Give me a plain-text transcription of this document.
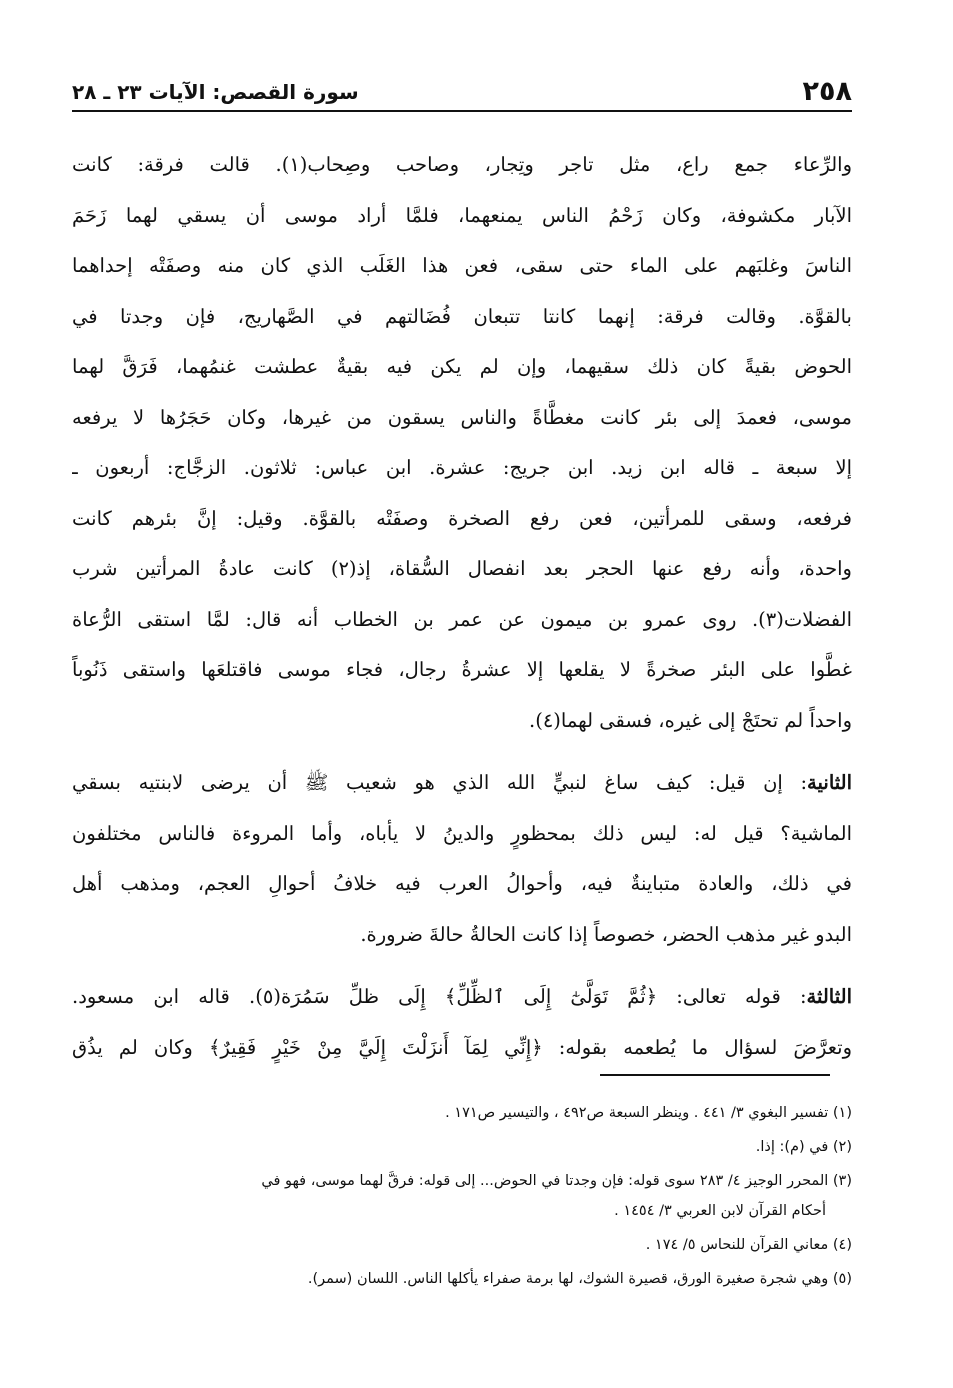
٢٥٨
سورة القصص: الآيات ٢٣ ـ ٢٨
والرِّعاء جمع راع، مثل تاجر وتِجار، وصاحب وصِحاب(١). قالت فرقة: كانت
الآبار مكشوفة، وكان زَحْمُ الناس يمنعهما، فلمَّا أراد موسى أن يسقي لهما زَحَمَ
الناسَ وغلبَهم على الماء حتى سقى، فعن هذا الغَلَب الذي كان منه وصفَتْه إحداهما
بالقوَّة. وقالت فرقة: إنهما كانتا تتبعان فُضَالتهم في الصَّهاريج، فإن وجدتا في
الحوض بقيةً كان ذلك سقيهما، وإن لم يكن فيه بقيةٌ عطشت غنمُهما، فَرَقَّ لهما
موسى، فعمدَ إلى بئر كانت مغطَّاةً والناس يسقون من غيرها، وكان حَجَرُها لا يرفعه
إلا سبعة ـ قاله ابن زيد. ابن جريج: عشرة. ابن عباس: ثلاثون. الزجَّاج: أربعون ـ
فرفعه، وسقى للمرأتين، فعن رفع الصخرة وصفَتْه بالقوَّة. وقيل: إنَّ بئرهم كانت
واحدة، وأنه رفع عنها الحجر بعد انفصال السُّقاة، إذ(٢) كانت عادةُ المرأتين شرب
الفضلات(٣). روى عمرو بن ميمون عن عمر بن الخطاب أنه قال: لمَّا استقى الرُّعاة
غطَّوا على البئر صخرةً لا يقلعها إلا عشرةُ رجال، فجاء موسى فاقتلعَها واستقى ذَنُوباً
واحداً لم تحتَجْ إلى غيره، فسقى لهما(٤).
الثانية: إن قيل: كيف ساغ لنبيٍّ الله الذي هو شعيب ﷺ أن يرضى لابنتيه بسقي
الماشية؟ قيل له: ليس ذلك بمحظورٍ والدينُ لا يأباه، وأما المروءة فالناس مختلفون
في ذلك، والعادة متباينةٌ فيه، وأحوالُ العرب فيه خلافُ أحوالِ العجم، ومذهب أهل
البدو غير مذهب الحضر، خصوصاً إذا كانت الحالةُ حالةَ ضرورة.
الثالثة: قوله تعالى: ﴿ثُمَّ تَوَلَّىٰٓ إِلَى ٱلظِّلِّ﴾ إِلَى ظلِّ سَمُرَة(٥). قاله ابن مسعود.
وتعرَّضَ لسؤال ما يُطعمه بقوله: ﴿إِنِّي لِمَآ أَنزَلْتَ إِلَيَّ مِنْ خَيْرٍ فَقِيرٌ﴾ وكان لم يذُق
(١) تفسير البغوي ٣/ ٤٤١ . وينظر السبعة ص٤٩٢ ، والتيسير ص١٧١ .
(٢) في (م): إذا.
(٣) المحرر الوجيز ٤/ ٢٨٣ سوى قوله: فإن وجدتا في الحوض... إلى قوله: فرقَّ لهما موسى، فهو في
أحكام القرآن لابن العربي ٣/ ١٤٥٤ .
(٤) معاني القرآن للنحاس ٥/ ١٧٤ .
(٥) وهي شجرة صغيرة الورق، قصيرة الشوك، لها برمة صفراء يأكلها الناس. اللسان (سمر).
